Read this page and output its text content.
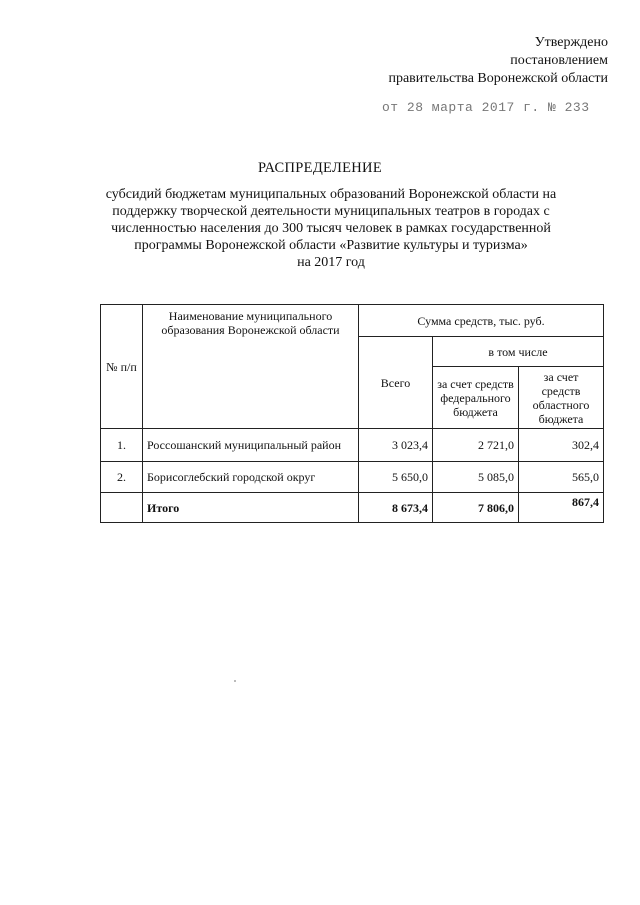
Утверждено
постановлением
правительства Воронежской области
от 28 марта 2017 г. № 233
РАСПРЕДЕЛЕНИЕ
субсидий бюджетам муниципальных образований Воронежской области на
поддержку творческой деятельности муниципальных театров в городах с
численностью населения до 300 тысяч человек в рамках государственной
программы Воронежской области «Развитие культуры и туризма»
на 2017 год
№ п/п	Наименование муниципального образования Воронежской области	Сумма средств, тыс. руб.		
		Всего	в том числе	
			за счет средств федерального бюджета	за счет средств областного бюджета
1.	Россошанский муниципальный район	3 023,4	2 721,0	302,4
2.	Борисоглебский городской округ	5 650,0	5 085,0	565,0
	Итого	8 673,4	7 806,0	867,4
